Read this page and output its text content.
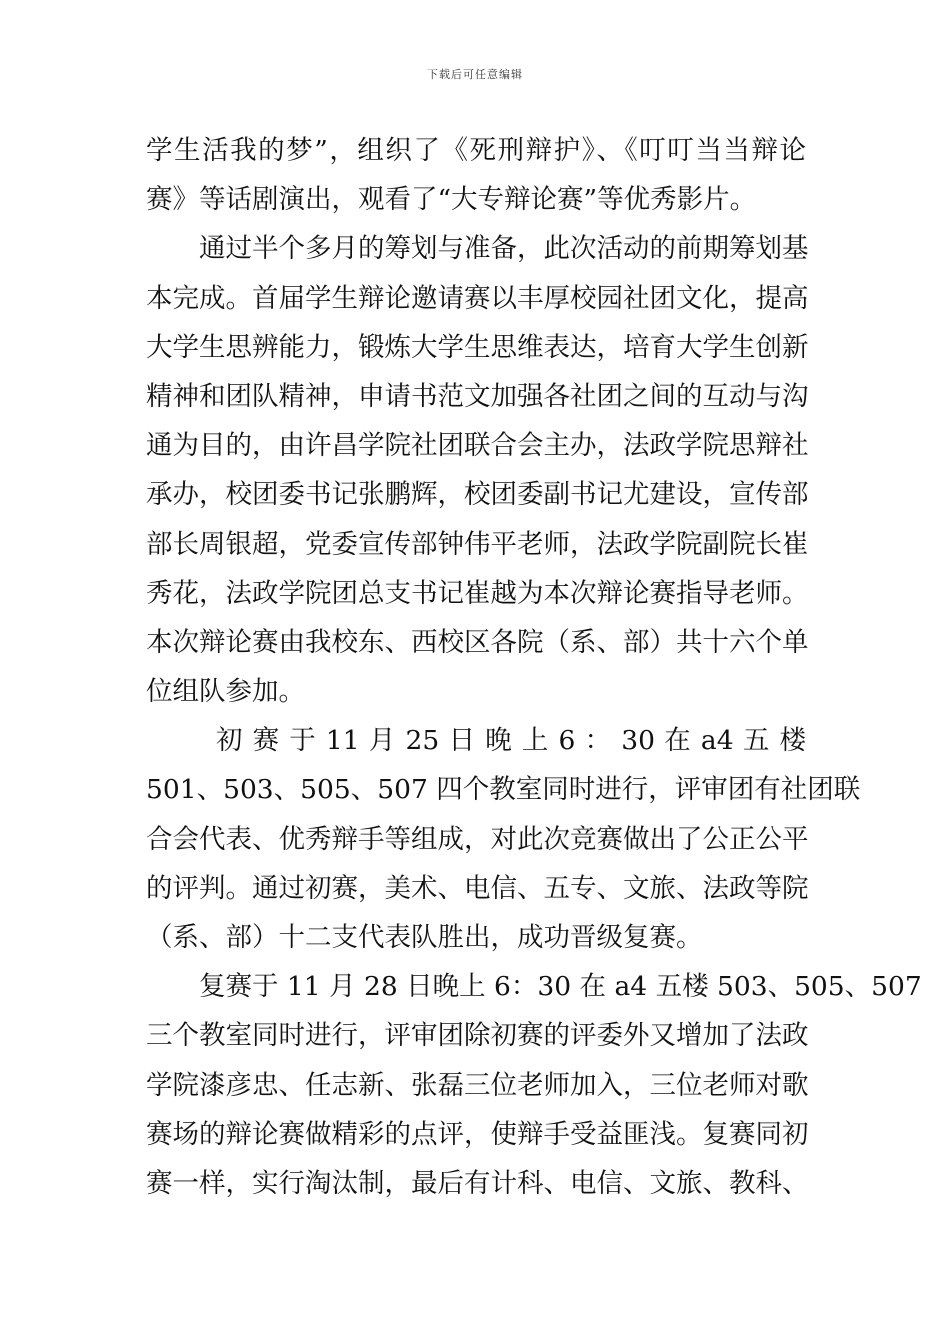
下载后可任意编辑
学生活我的梦”，组织了《死刑辩护》、《叮叮当当辩论
赛》等话剧演出，观看了“大专辩论赛”等优秀影片。
通过半个多月的筹划与准备，此次活动的前期筹划基
本完成。首届学生辩论邀请赛以丰厚校园社团文化，提高
大学生思辨能力，锻炼大学生思维表达，培育大学生创新
精神和团队精神，申请书范文加强各社团之间的互动与沟
通为目的，由许昌学院社团联合会主办，法政学院思辩社
承办，校团委书记张鹏辉，校团委副书记尤建设，宣传部
部长周银超，党委宣传部钟伟平老师，法政学院副院长崔
秀花，法政学院团总支书记崔越为本次辩论赛指导老师。
本次辩论赛由我校东、西校区各院（系、部）共十六个单
位组队参加。
初 赛 于 11 月 25 日 晚 上 6 ： 30 在 a4 五 楼
501、503、505、507 四个教室同时进行，评审团有社团联
合会代表、优秀辩手等组成，对此次竞赛做出了公正公平
的评判。通过初赛，美术、电信、五专、文旅、法政等院
（系、部）十二支代表队胜出，成功晋级复赛。
复赛于 11 月 28 日晚上 6：30 在 a4 五楼 503、505、507
三个教室同时进行，评审团除初赛的评委外又增加了法政
学院漆彦忠、任志新、张磊三位老师加入，三位老师对歌
赛场的辩论赛做精彩的点评，使辩手受益匪浅。复赛同初
赛一样，实行淘汰制，最后有计科、电信、文旅、教科、
